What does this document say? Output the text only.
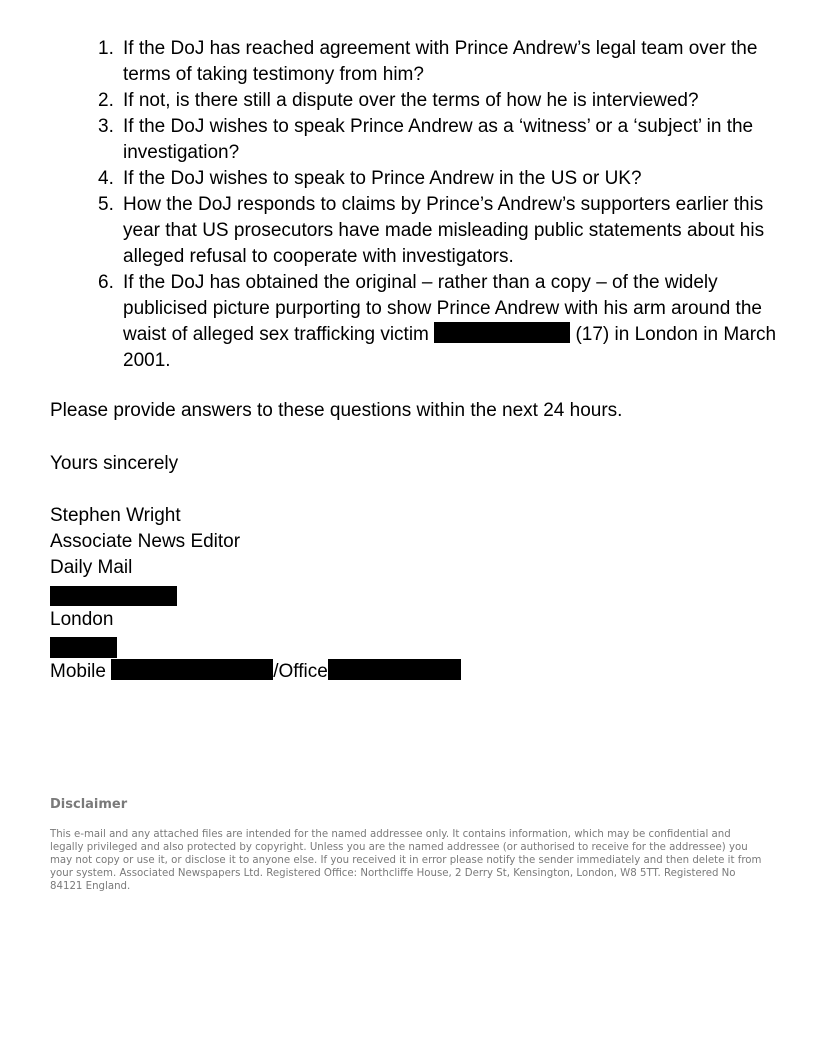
1. If the DoJ has reached agreement with Prince Andrew’s legal team over the terms of taking testimony from him?
2. If not, is there still a dispute over the terms of how he is interviewed?
3. If the DoJ wishes to speak Prince Andrew as a ‘witness’ or a ‘subject’ in the investigation?
4. If the DoJ wishes to speak to Prince Andrew in the US or UK?
5. How the DoJ responds to claims by Prince’s Andrew’s supporters earlier this year that US prosecutors have made misleading public statements about his alleged refusal to cooperate with investigators.
6. If the DoJ has obtained the original – rather than a copy – of the widely publicised picture purporting to show Prince Andrew with his arm around the waist of alleged sex trafficking victim	(17) in London in March 2001.
Please provide answers to these questions within the next 24 hours.
Yours sincerely
Stephen Wright
Associate News Editor
Daily Mail
London
Mobile	/Office
Disclaimer
This e-mail and any attached files are intended for the named addressee only. It contains information, which may be confidential and legally privileged and also protected by copyright. Unless you are the named addressee (or authorised to receive for the addressee) you may not copy or use it, or disclose it to anyone else. If you received it in error please notify the sender immediately and then delete it from your system. Associated Newspapers Ltd. Registered Office: Northcliffe House, 2 Derry St, Kensington, London, W8 5TT. Registered No 84121 England.
